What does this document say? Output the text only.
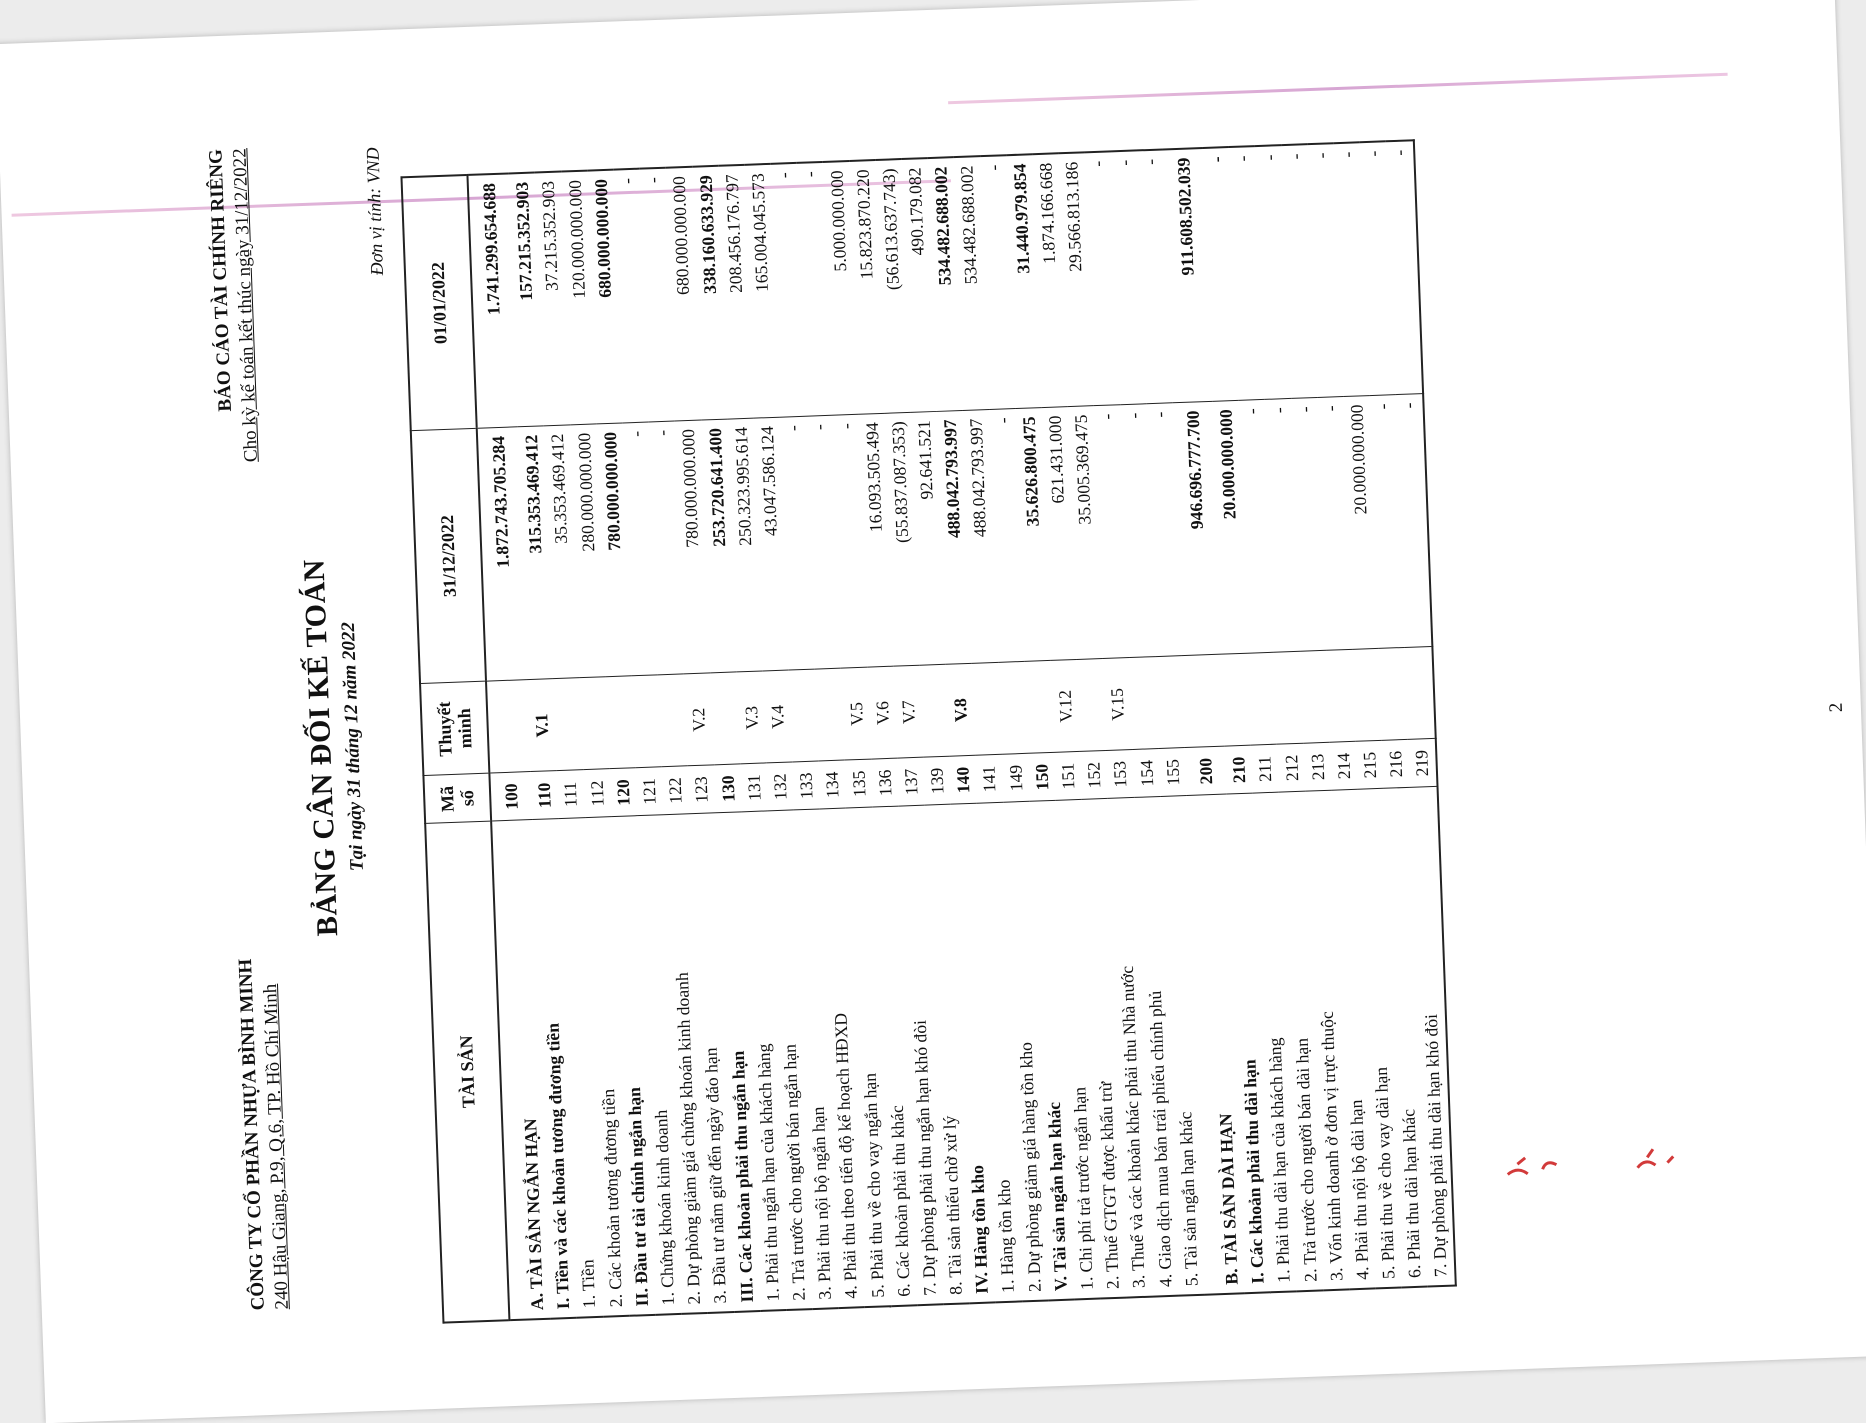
CÔNG TY CỔ PHẦN NHỰA BÌNH MINH
240 Hậu Giang, P.9, Q.6, TP. Hồ Chí Minh
BÁO CÁO TÀI CHÍNH RIÊNG
Cho kỳ kế toán kết thúc ngày 31/12/2022
BẢNG CÂN ĐỐI KẾ TOÁN
Tại ngày 31 tháng 12 năm 2022
Đơn vị tính: VND
TÀI SẢN	Mã số	Thuyết minh	31/12/2022	01/01/2022
A. TÀI SẢN NGẮN HẠN	100		1.872.743.705.284	1.741.299.654.688
I. Tiền và các khoản tương đương tiền	110	V.1	315.353.469.412	157.215.352.903
1. Tiền	111		35.353.469.412	37.215.352.903
2. Các khoản tương đương tiền	112		280.000.000.000	120.000.000.000
II. Đầu tư tài chính ngắn hạn	120		780.000.000.000	680.000.000.000
1. Chứng khoán kinh doanh	121		-	-
2. Dự phòng giảm giá chứng khoán kinh doanh	122		-	-
3. Đầu tư nắm giữ đến ngày đáo hạn	123	V.2	780.000.000.000	680.000.000.000
III. Các khoản phải thu ngắn hạn	130		253.720.641.400	338.160.633.929
1. Phải thu ngắn hạn của khách hàng	131	V.3	250.323.995.614	208.456.176.797
2. Trả trước cho người bán ngắn hạn	132	V.4	43.047.586.124	165.004.045.573
3. Phải thu nội bộ ngắn hạn	133		-	-
4. Phải thu theo tiến độ kế hoạch HĐXD	134		-	-
5. Phải thu về cho vay ngắn hạn	135	V.5	-	5.000.000.000
6. Các khoản phải thu khác	136	V.6	16.093.505.494	15.823.870.220
7. Dự phòng phải thu ngắn hạn khó đòi	137	V.7	(55.837.087.353)	(56.613.637.743)
8. Tài sản thiếu chờ xử lý	139		92.641.521	490.179.082
IV. Hàng tồn kho	140	V.8	488.042.793.997	534.482.688.002
1. Hàng tồn kho	141		488.042.793.997	534.482.688.002
2. Dự phòng giảm giá hàng tồn kho	149		-	-
V. Tài sản ngắn hạn khác	150		35.626.800.475	31.440.979.854
1. Chi phí trả trước ngắn hạn	151	V.12	621.431.000	1.874.166.668
2. Thuế GTGT được khấu trừ	152		35.005.369.475	29.566.813.186
3. Thuế và các khoản khác phải thu Nhà nước	153	V.15	-	-
4. Giao dịch mua bán trái phiếu chính phủ	154		-	-
5. Tài sản ngắn hạn khác	155		-	-
B. TÀI SẢN DÀI HẠN	200		946.696.777.700	911.608.502.039
I. Các khoản phải thu dài hạn	210		20.000.000.000	-
1. Phải thu dài hạn của khách hàng	211		-	-
2. Trả trước cho người bán dài hạn	212		-	-
3. Vốn kinh doanh ở đơn vị trực thuộc	213		-	-
4. Phải thu nội bộ dài hạn	214		-	-
5. Phải thu về cho vay dài hạn	215		20.000.000.000	-
6. Phải thu dài hạn khác	216		-	-
7. Dự phòng phải thu dài hạn khó đòi	219		-	-
2
